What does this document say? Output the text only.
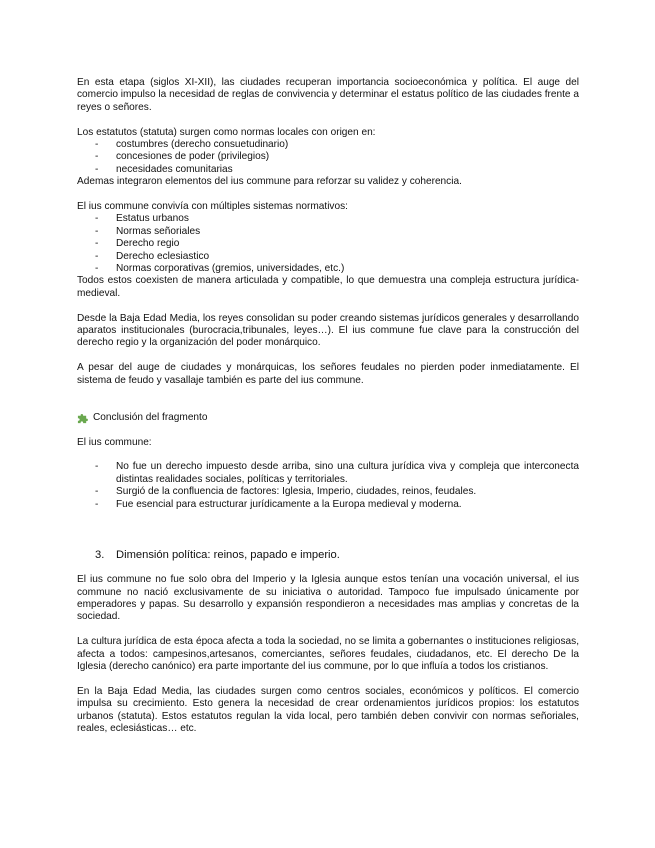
En esta etapa (siglos XI-XII), las ciudades recuperan importancia socioeconómica y política. El auge del comercio impulso la necesidad de reglas de convivencia y determinar el estatus político de las ciudades frente a reyes o señores.

Los estatutos (statuta) surgen como normas locales con origen en:

- costumbres (derecho consuetudinario)
- concesiones de poder (privilegios)
- necesidades comunitarias

Ademas integraron elementos del ius commune para reforzar su validez y coherencia.

El ius commune convivía con múltiples sistemas normativos:

- Estatus urbanos
- Normas señoriales
- Derecho regio
- Derecho eclesiastico
- Normas corporativas (gremios, universidades, etc.)

Todos estos coexisten de manera articulada y compatible, lo que demuestra una compleja estructura jurídica-medieval.

Desde la Baja Edad Media, los reyes consolidan su poder creando sistemas jurídicos generales y desarrollando aparatos institucionales (burocracia,tribunales, leyes…). El ius commune fue clave para la construcción del derecho regio y la organización del poder monárquico.

A pesar del auge de ciudades y monárquicas, los señores feudales no pierden poder inmediatamente. El sistema de feudo y vasallaje también es parte del ius commune.

Conclusión del fragmento

El ius commune:

- No fue un derecho impuesto desde arriba, sino una cultura jurídica viva y compleja que interconecta distintas realidades sociales, políticas y territoriales.
- Surgió de la confluencia de factores: Iglesia, Imperio, ciudades, reinos, feudales.
- Fue esencial para estructurar jurídicamente a la Europa medieval y moderna.
3. Dimensión política: reinos, papado e imperio.

El ius commune no fue solo obra del Imperio y la Iglesia aunque estos tenían una vocación universal, el ius commune no nació exclusivamente de su iniciativa o autoridad. Tampoco fue impulsado únicamente por emperadores y papas. Su desarrollo y expansión respondieron a necesidades mas amplias y concretas de la sociedad.

La cultura jurídica de esta época afecta a toda la sociedad, no se limita a gobernantes o instituciones religiosas, afecta a todos: campesinos,artesanos, comerciantes, señores feudales, ciudadanos, etc. El derecho De la Iglesia (derecho canónico) era parte importante del ius commune, por lo que influía a todos los cristianos.

En la Baja Edad Media, las ciudades surgen como centros sociales, económicos y políticos. El comercio impulsa su crecimiento. Esto genera la necesidad de crear ordenamientos jurídicos propios: los estatutos urbanos (statuta). Estos estatutos regulan la vida local, pero también deben convivir con normas señoriales, reales, eclesiásticas… etc.
